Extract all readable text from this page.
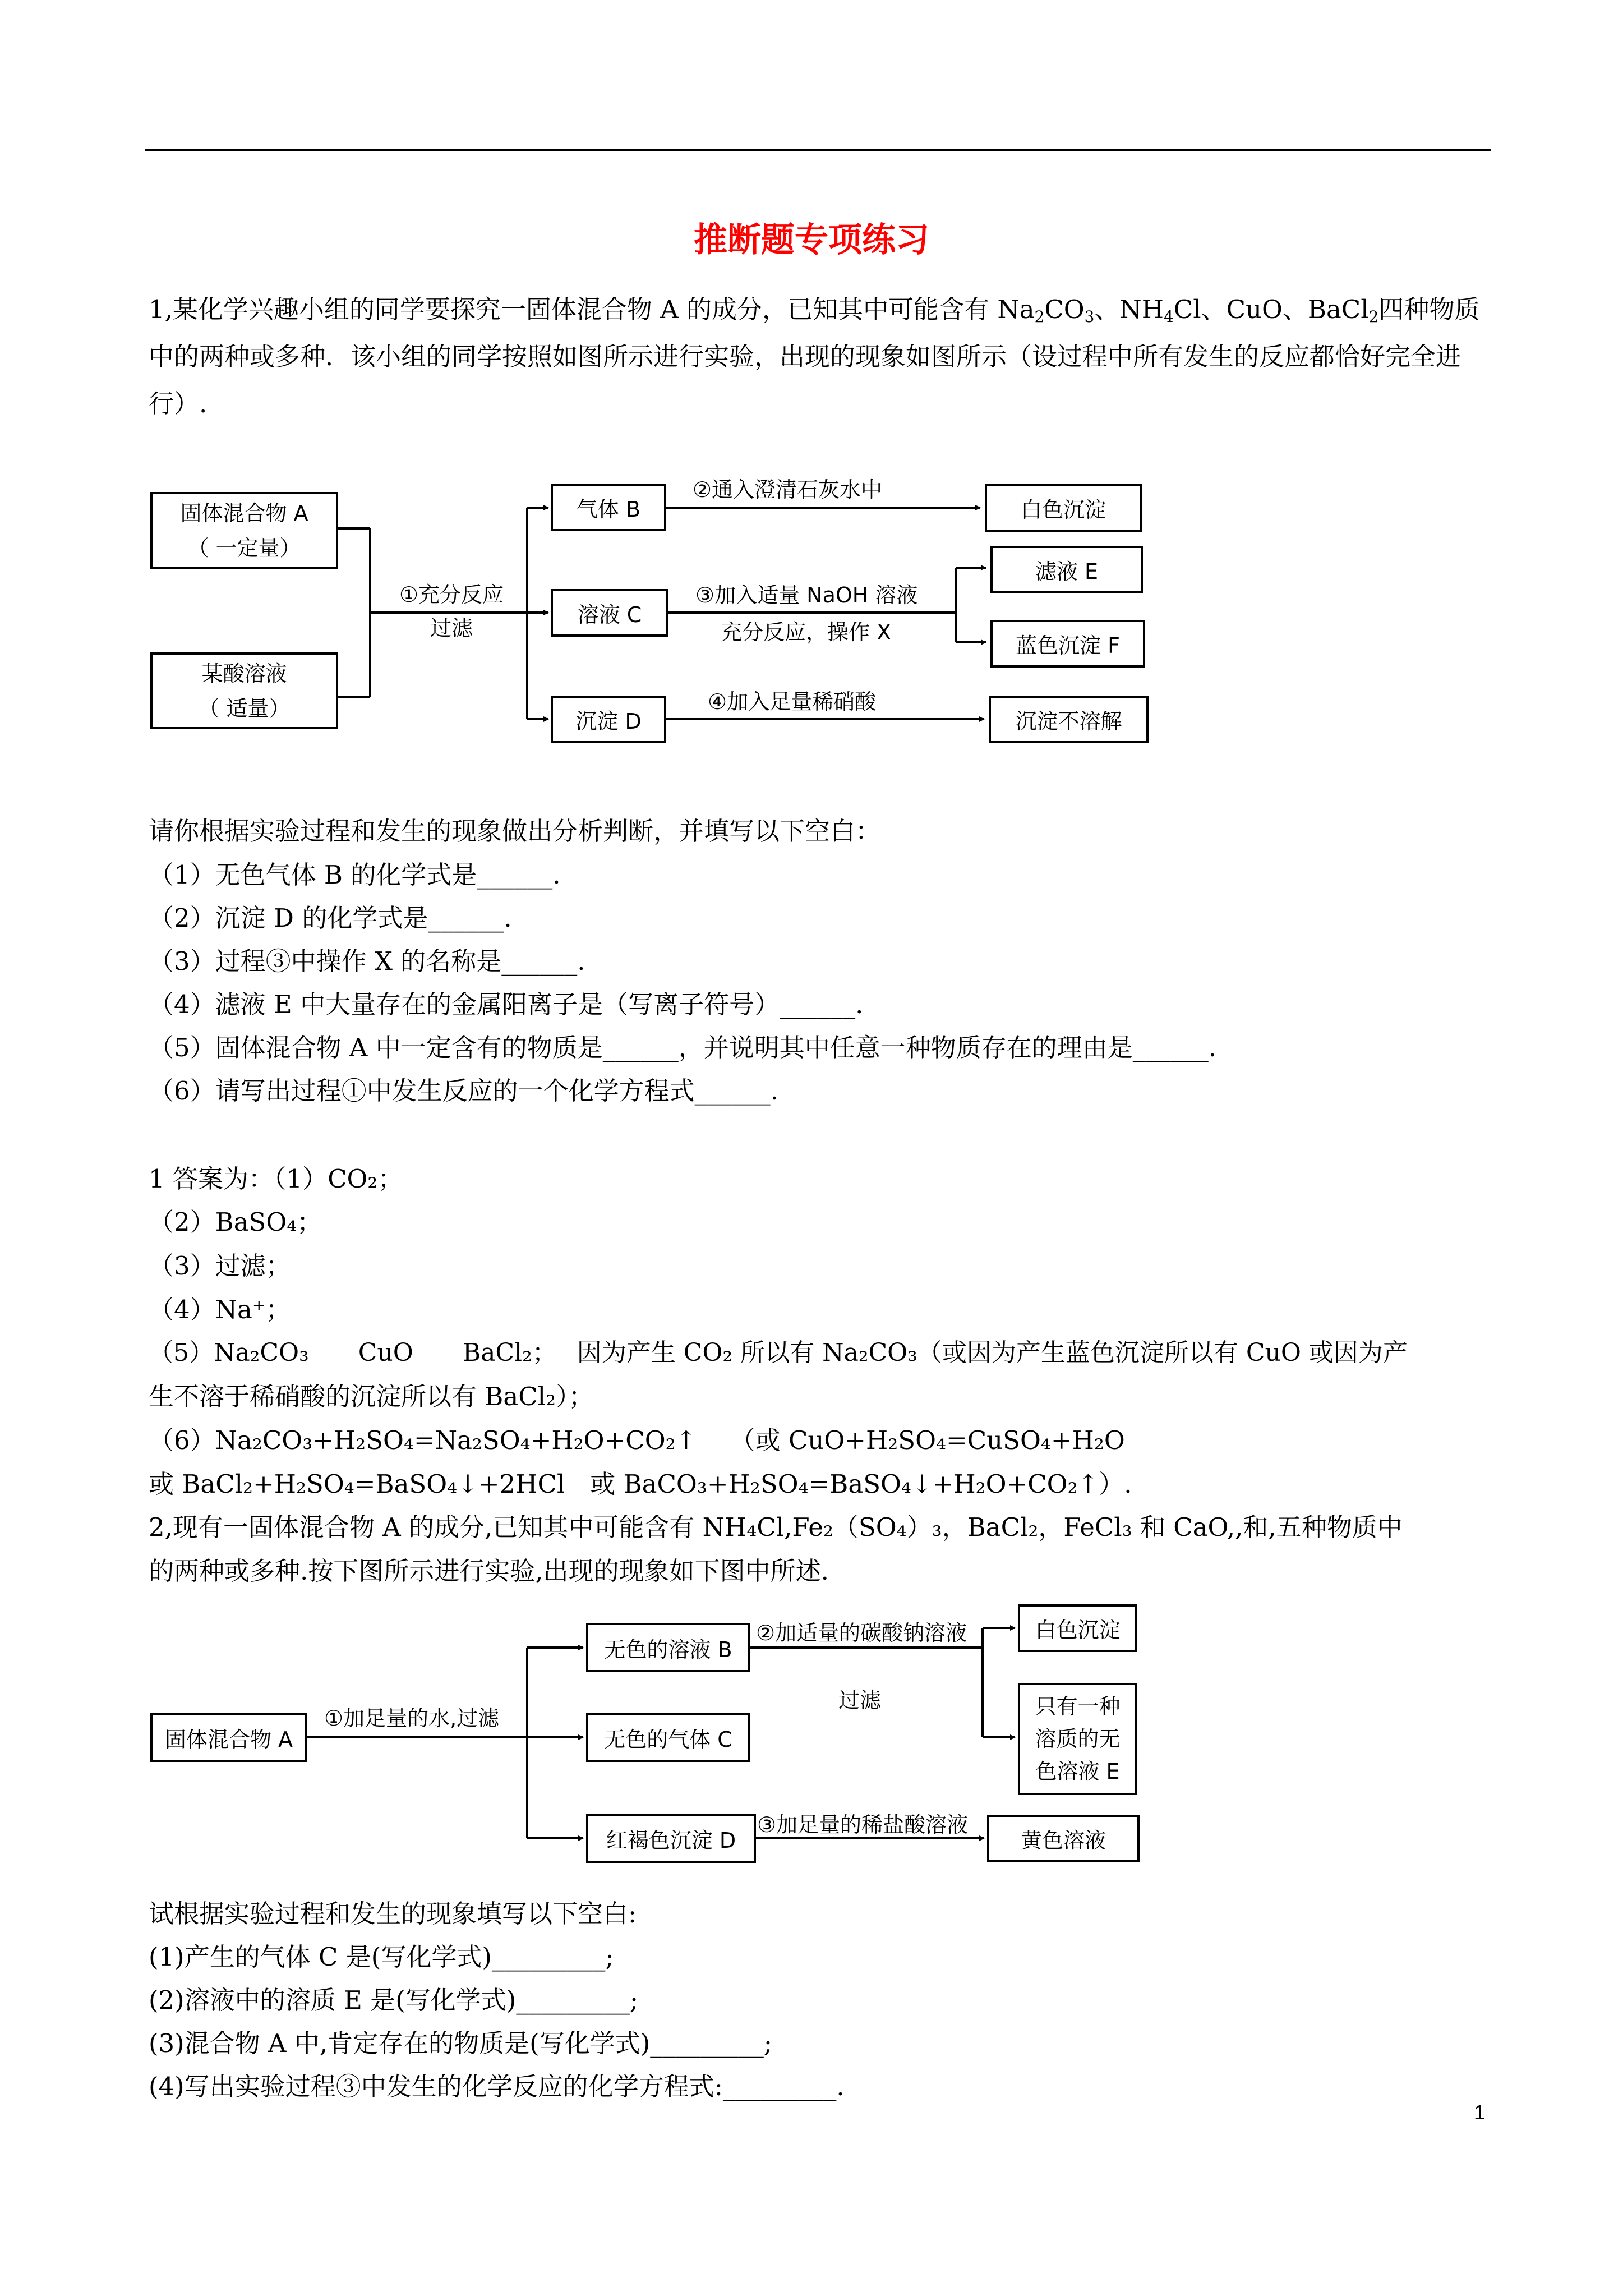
推断题专项练习
1,某化学兴趣小组的同学要探究一固体混合物 A 的成分，已知其中可能含有 $Na_2CO_3$、$NH_4Cl$、CuO、BaCl$_2$四种物质中的两种或多种．该小组的同学按照如图所示进行实验，出现的现象如图所示（设过程中所有发生的反应都恰好完全进行）.
固体混合物 A
（ 一定量）
某酸溶液
（ 适量）
①充分反应
过滤
气体 B
溶液 C
沉淀 D
②通入澄清石灰水中
③加入适量 NaOH 溶液
充分反应，操作 X
④加入足量稀硝酸
白色沉淀
滤液 E
蓝色沉淀 F
沉淀不溶解
请你根据实验过程和发生的现象做出分析判断，并填写以下空白：
（1）无色气体 B 的化学式是______.
（2）沉淀 D 的化学式是______.
（3）过程③中操作 X 的名称是______.
（4）滤液 E 中大量存在的金属阳离子是（写离子符号）______.
（5）固体混合物 A 中一定含有的物质是______，并说明其中任意一种物质存在的理由是______.
（6）请写出过程①中发生反应的一个化学方程式______.
1 答案为：（1）CO₂；
（2）BaSO₄；
（3）过滤；
（4）Na⁺；
（5）Na₂CO₃　　CuO　　BaCl₂；　 因为产生 CO₂ 所以有 Na₂CO₃（或因为产生蓝色沉淀所以有 CuO 或因为产
生不溶于稀硝酸的沉淀所以有 BaCl₂）；
（6）Na₂CO₃+H₂SO₄=Na₂SO₄+H₂O+CO₂↑　 （或 CuO+H₂SO₄=CuSO₄+H₂O
或 BaCl₂+H₂SO₄=BaSO₄↓+2HCl　或 BaCO₃+H₂SO₄=BaSO₄↓+H₂O+CO₂↑）.
2,现有一固体混合物 A 的成分,已知其中可能含有 NH₄Cl,Fe₂（SO₄）₃，BaCl₂，FeCl₃ 和 CaO,,和,五种物质中
的两种或多种.按下图所示进行实验,出现的现象如下图中所述.
固体混合物 A
①加足量的水,过滤
无色的溶液 B
无色的气体 C
红褐色沉淀 D
②加适量的碳酸钠溶液
过滤
③加足量的稀盐酸溶液
白色沉淀
只有一种
溶质的无
色溶液 E
黄色溶液
试根据实验过程和发生的现象填写以下空白:
(1)产生的气体 C 是(写化学式)_________;
(2)溶液中的溶质 E 是(写化学式)_________;
(3)混合物 A 中,肯定存在的物质是(写化学式)_________;
(4)写出实验过程③中发生的化学反应的化学方程式:_________.
1
